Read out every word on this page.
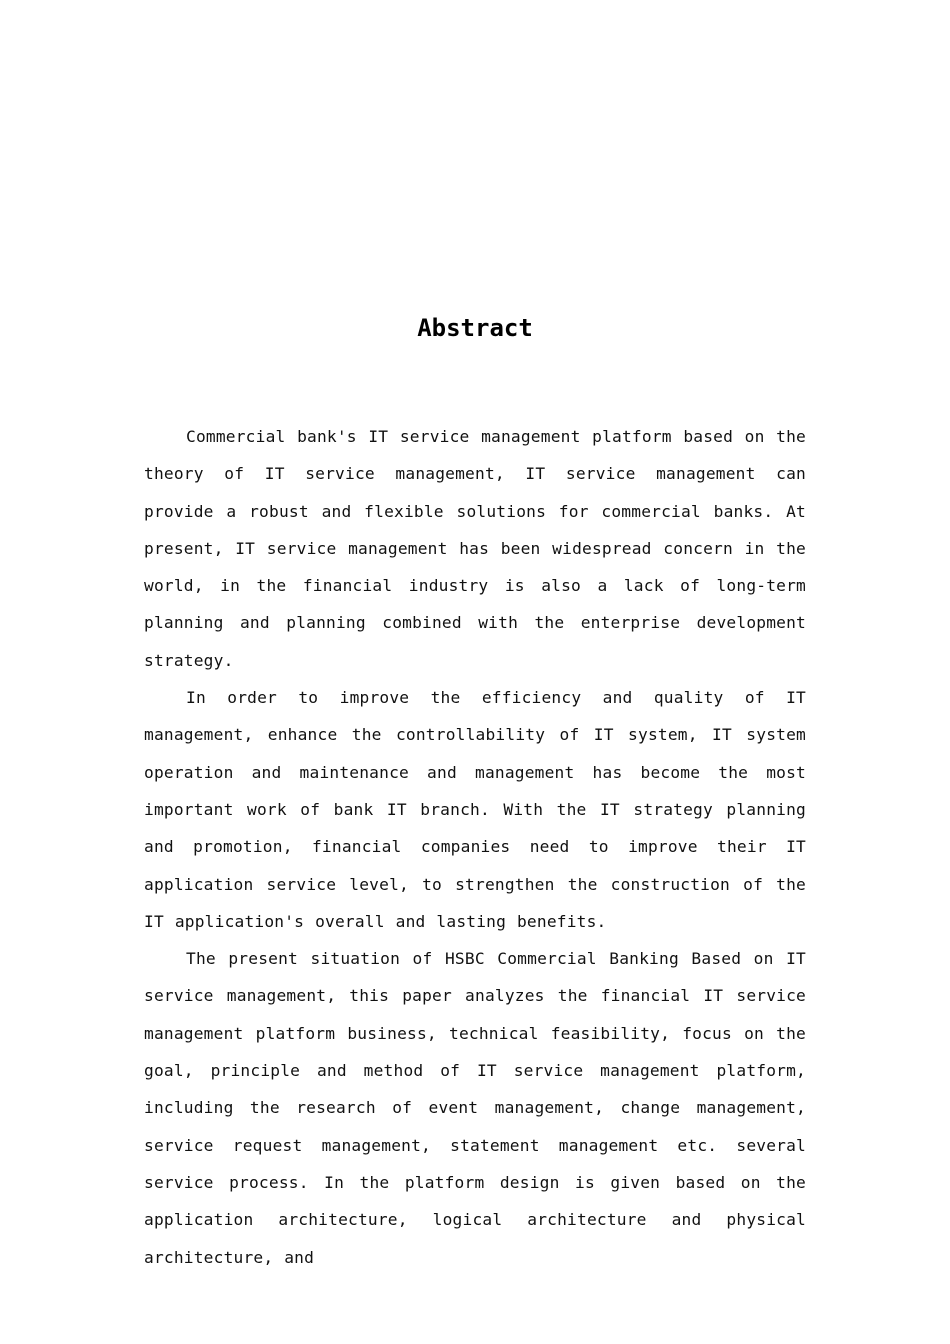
Abstract

Commercial bank's IT service management platform based on the theory of IT service management, IT service management can provide a robust and flexible solutions for commercial banks. At present, IT service management has been widespread concern in the world, in the financial industry is also a lack of long-term planning and planning combined with the enterprise development strategy.

In order to improve the efficiency and quality of IT management, enhance the controllability of IT system, IT system operation and maintenance and management has become the most important work of bank IT branch. With the IT strategy planning and promotion, financial companies need to improve their IT application service level, to strengthen the construction of the IT application's overall and lasting benefits.

The present situation of HSBC Commercial Banking Based on IT service management, this paper analyzes the financial IT service management platform business, technical feasibility, focus on the goal, principle and method of IT service management platform, including the research of event management, change management, service request management, statement management etc. several service process. In the platform design is given based on the application architecture, logical architecture and physical architecture, and
